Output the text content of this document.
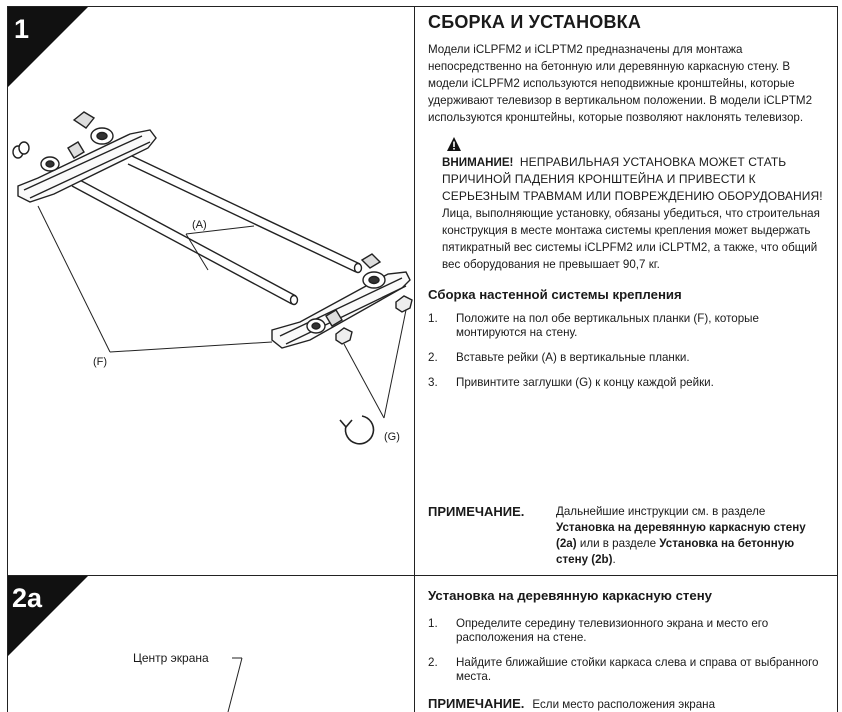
1
2a
(A)
(F)
(G)
СБОРКА И УСТАНОВКА

Модели iCLPFM2 и iCLPTM2 предназначены для монтажа непосредственно на бетонную или деревянную каркасную стену. В модели iCLPFM2 используются неподвижные кронштейны, которые удерживают телевизор в вертикальном положении. В модели iCLPTM2 используются кронштейны, которые позволяют наклонять телевизор.

ВНИМАНИЕ! НЕПРАВИЛЬНАЯ УСТАНОВКА МОЖЕТ СТАТЬ ПРИЧИНОЙ ПАДЕНИЯ КРОНШТЕЙНА И ПРИВЕСТИ К СЕРЬЕЗНЫМ ТРАВМАМ ИЛИ ПОВРЕЖДЕНИЮ ОБОРУДОВАНИЯ! Лица, выполняющие установку, обязаны убедиться, что строительная конструкция в месте монтажа системы крепления может выдержать пятикратный вес системы iCLPFM2 или iCLPTM2, а также, что общий вес оборудования не превышает 90,7 кг.

Сборка настенной системы крепления
1. Положите на пол обе вертикальных планки (F), которые монтируются на стену.
2. Вставьте рейки (A) в вертикальные планки.
3. Привинтите заглушки (G) к концу каждой рейки.
ПРИМЕЧАНИЕ.	Дальнейшие инструкции см. в разделе Установка на деревянную каркасную стену (2a) или в разделе Установка на бетонную стену (2b).
Установка на деревянную каркасную стену
1. Определите середину телевизионного экрана и место его расположения на стене.
2. Найдите ближайшие стойки каркаса слева и справа от выбранного места.
ПРИМЕЧАНИЕ. Если место расположения экрана
Центр экрана
